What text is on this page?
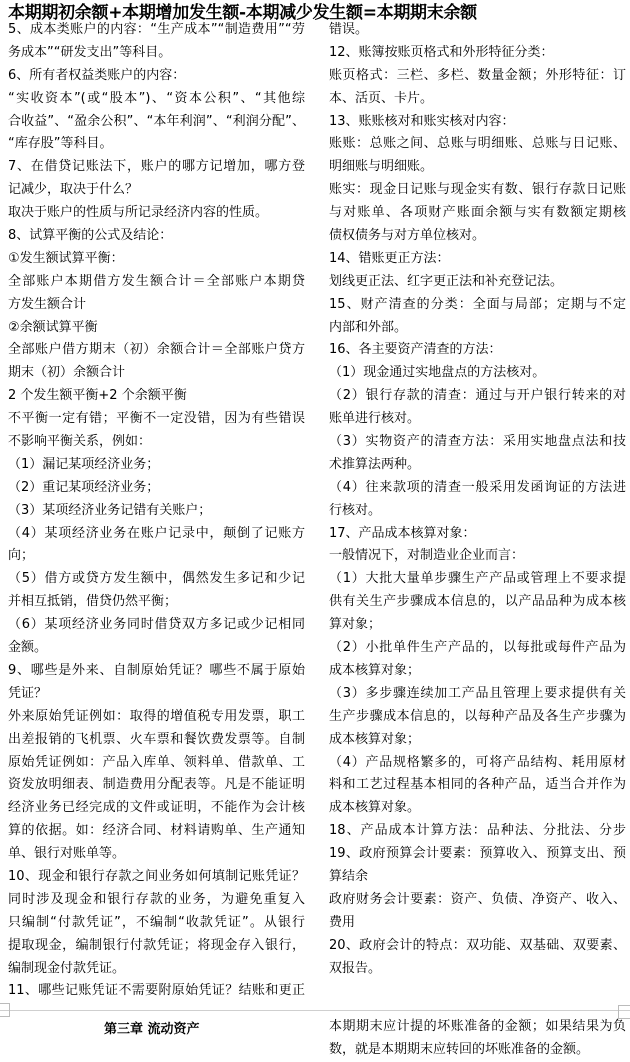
本期期初余额+本期增加发生额-本期减少发生额=本期期末余额
5、成本类账户的内容：“生产成本”“制造费用”“劳
务成本”“研发支出”等科目。
6、所有者权益类账户的内容：
“实收资本”(或“股本”)、“资本公积”、“其他综
合收益”、“盈余公积”、“本年利润”、“利润分配”、
“库存股”等科目。
7、在借贷记账法下，账户的哪方记增加，哪方登
记减少，取决于什么？
取决于账户的性质与所记录经济内容的性质。
8、试算平衡的公式及结论：
①发生额试算平衡：
全部账户本期借方发生额合计＝全部账户本期贷
方发生额合计
②余额试算平衡
全部账户借方期末（初）余额合计＝全部账户贷方
期末（初）余额合计
2 个发生额平衡+2 个余额平衡
不平衡一定有错；平衡不一定没错，因为有些错误
不影响平衡关系，例如：
（1）漏记某项经济业务；
（2）重记某项经济业务；
（3）某项经济业务记错有关账户；
（4）某项经济业务在账户记录中，颠倒了记账方
向；
（5）借方或贷方发生额中，偶然发生多记和少记
并相互抵销，借贷仍然平衡；
（6）某项经济业务同时借贷双方多记或少记相同
金额。
9、哪些是外来、自制原始凭证？哪些不属于原始
凭证？
外来原始凭证例如：取得的增值税专用发票，职工
出差报销的飞机票、火车票和餐饮费发票等。自制
原始凭证例如：产品入库单、领料单、借款单、工
资发放明细表、制造费用分配表等。凡是不能证明
经济业务已经完成的文件或证明，不能作为会计核
算的依据。如：经济合同、材料请购单、生产通知
单、银行对账单等。
10、现金和银行存款之间业务如何填制记账凭证？
同时涉及现金和银行存款的业务，为避免重复入
只编制“付款凭证”，不编制“收款凭证”。从银行
提取现金，编制银行付款凭证；将现金存入银行，
编制现金付款凭证。
11、哪些记账凭证不需要附原始凭证？结账和更正
错误。
12、账簿按账页格式和外形特征分类：
账页格式：三栏、多栏、数量金额；外形特征：订
本、活页、卡片。
13、账账核对和账实核对内容：
账账：总账之间、总账与明细账、总账与日记账、
明细账与明细账。
账实：现金日记账与现金实有数、银行存款日记账
与对账单、各项财产账面余额与实有数额定期核
债权债务与对方单位核对。
14、错账更正方法：
划线更正法、红字更正法和补充登记法。
15、财产清查的分类：全面与局部；定期与不定
内部和外部。
16、各主要资产清查的方法：
（1）现金通过实地盘点的方法核对。
（2）银行存款的清查：通过与开户银行转来的对
账单进行核对。
（3）实物资产的清查方法：采用实地盘点法和技
术推算法两种。
（4）往来款项的清查一般采用发函询证的方法进
行核对。
17、产品成本核算对象：
一般情况下，对制造业企业而言：
（1）大批大量单步骤生产产品或管理上不要求提
供有关生产步骤成本信息的，以产品品种为成本核
算对象；
（2）小批单件生产产品的，以每批或每件产品为
成本核算对象；
（3）多步骤连续加工产品且管理上要求提供有关
生产步骤成本信息的，以每种产品及各生产步骤为
成本核算对象；
（4）产品规格繁多的，可将产品结构、耗用原材
料和工艺过程基本相同的各种产品，适当合并作为
成本核算对象。
18、产品成本计算方法：品种法、分批法、分步
19、政府预算会计要素：预算收入、预算支出、预
算结余
政府财务会计要素：资产、负债、净资产、收入、
费用
20、政府会计的特点：双功能、双基础、双要素、
双报告。
第三章 流动资产	本期期末应计提的坏账准备的金额；如果结果为负
数，就是本期期末应转回的坏账准备的金额。
